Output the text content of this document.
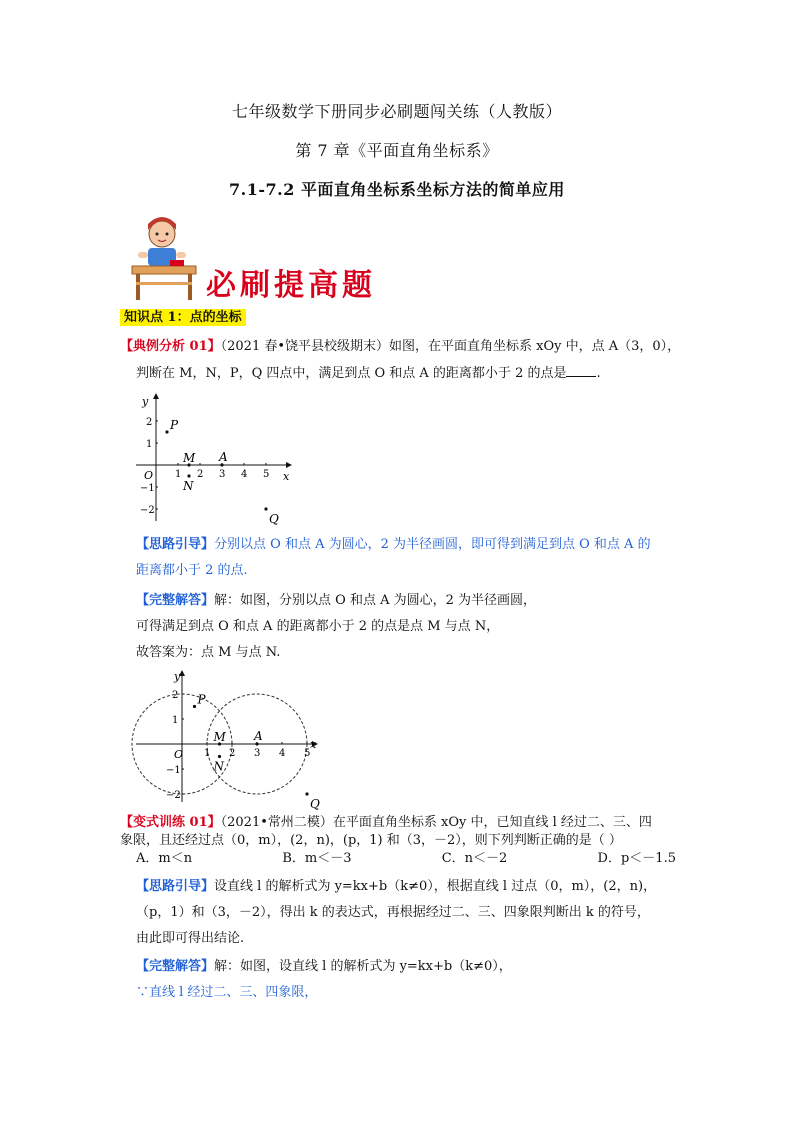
七年级数学下册同步必刷题闯关练（人教版）
第 7 章《平面直角坐标系》
7.1-7.2 平面直角坐标系坐标方法的简单应用
必刷提高题
知识点 1：点的坐标
【典例分析 01】（2021 春•饶平县校级期末）如图，在平面直角坐标系 xOy 中，点 A（3，0），
判断在 M，N，P，Q 四点中，满足到点 O 和点 A 的距离都小于 2 的点是 .
1 2 3 4 5
2
1
−1
−2
P
M A
N
Q
x
y
O
【思路引导】分别以点 O 和点 A 为圆心，2 为半径画圆，即可得到满足到点 O 和点 A 的
距离都小于 2 的点.
【完整解答】解：如图，分别以点 O 和点 A 为圆心，2 为半径画圆，
可得满足到点 O 和点 A 的距离都小于 2 的点是点 M 与点 N，
故答案为：点 M 与点 N.
1 2 3 4 5
2
1
−1
−2
P
M A
N
Q
x
y
O
【变式训练 01】（2021•常州二模）在平面直角坐标系 xOy 中，已知直线 l 经过二、三、四
象限，且还经过点（0，m），(2，n)，(p，1) 和（3，－2），则下列判断正确的是（ ）
A．m＜n	B．m＜－3	C．n＜－2	D．p＜－1.5
【思路引导】设直线 l 的解析式为 y=kx+b（k≠0），根据直线 l 过点（0，m），(2，n)，
（p，1）和（3，－2），得出 k 的表达式，再根据经过二、三、四象限判断出 k 的符号，
由此即可得出结论.
【完整解答】解：如图，设直线 l 的解析式为 y=kx+b（k≠0），
∵直线 l 经过二、三、四象限，
